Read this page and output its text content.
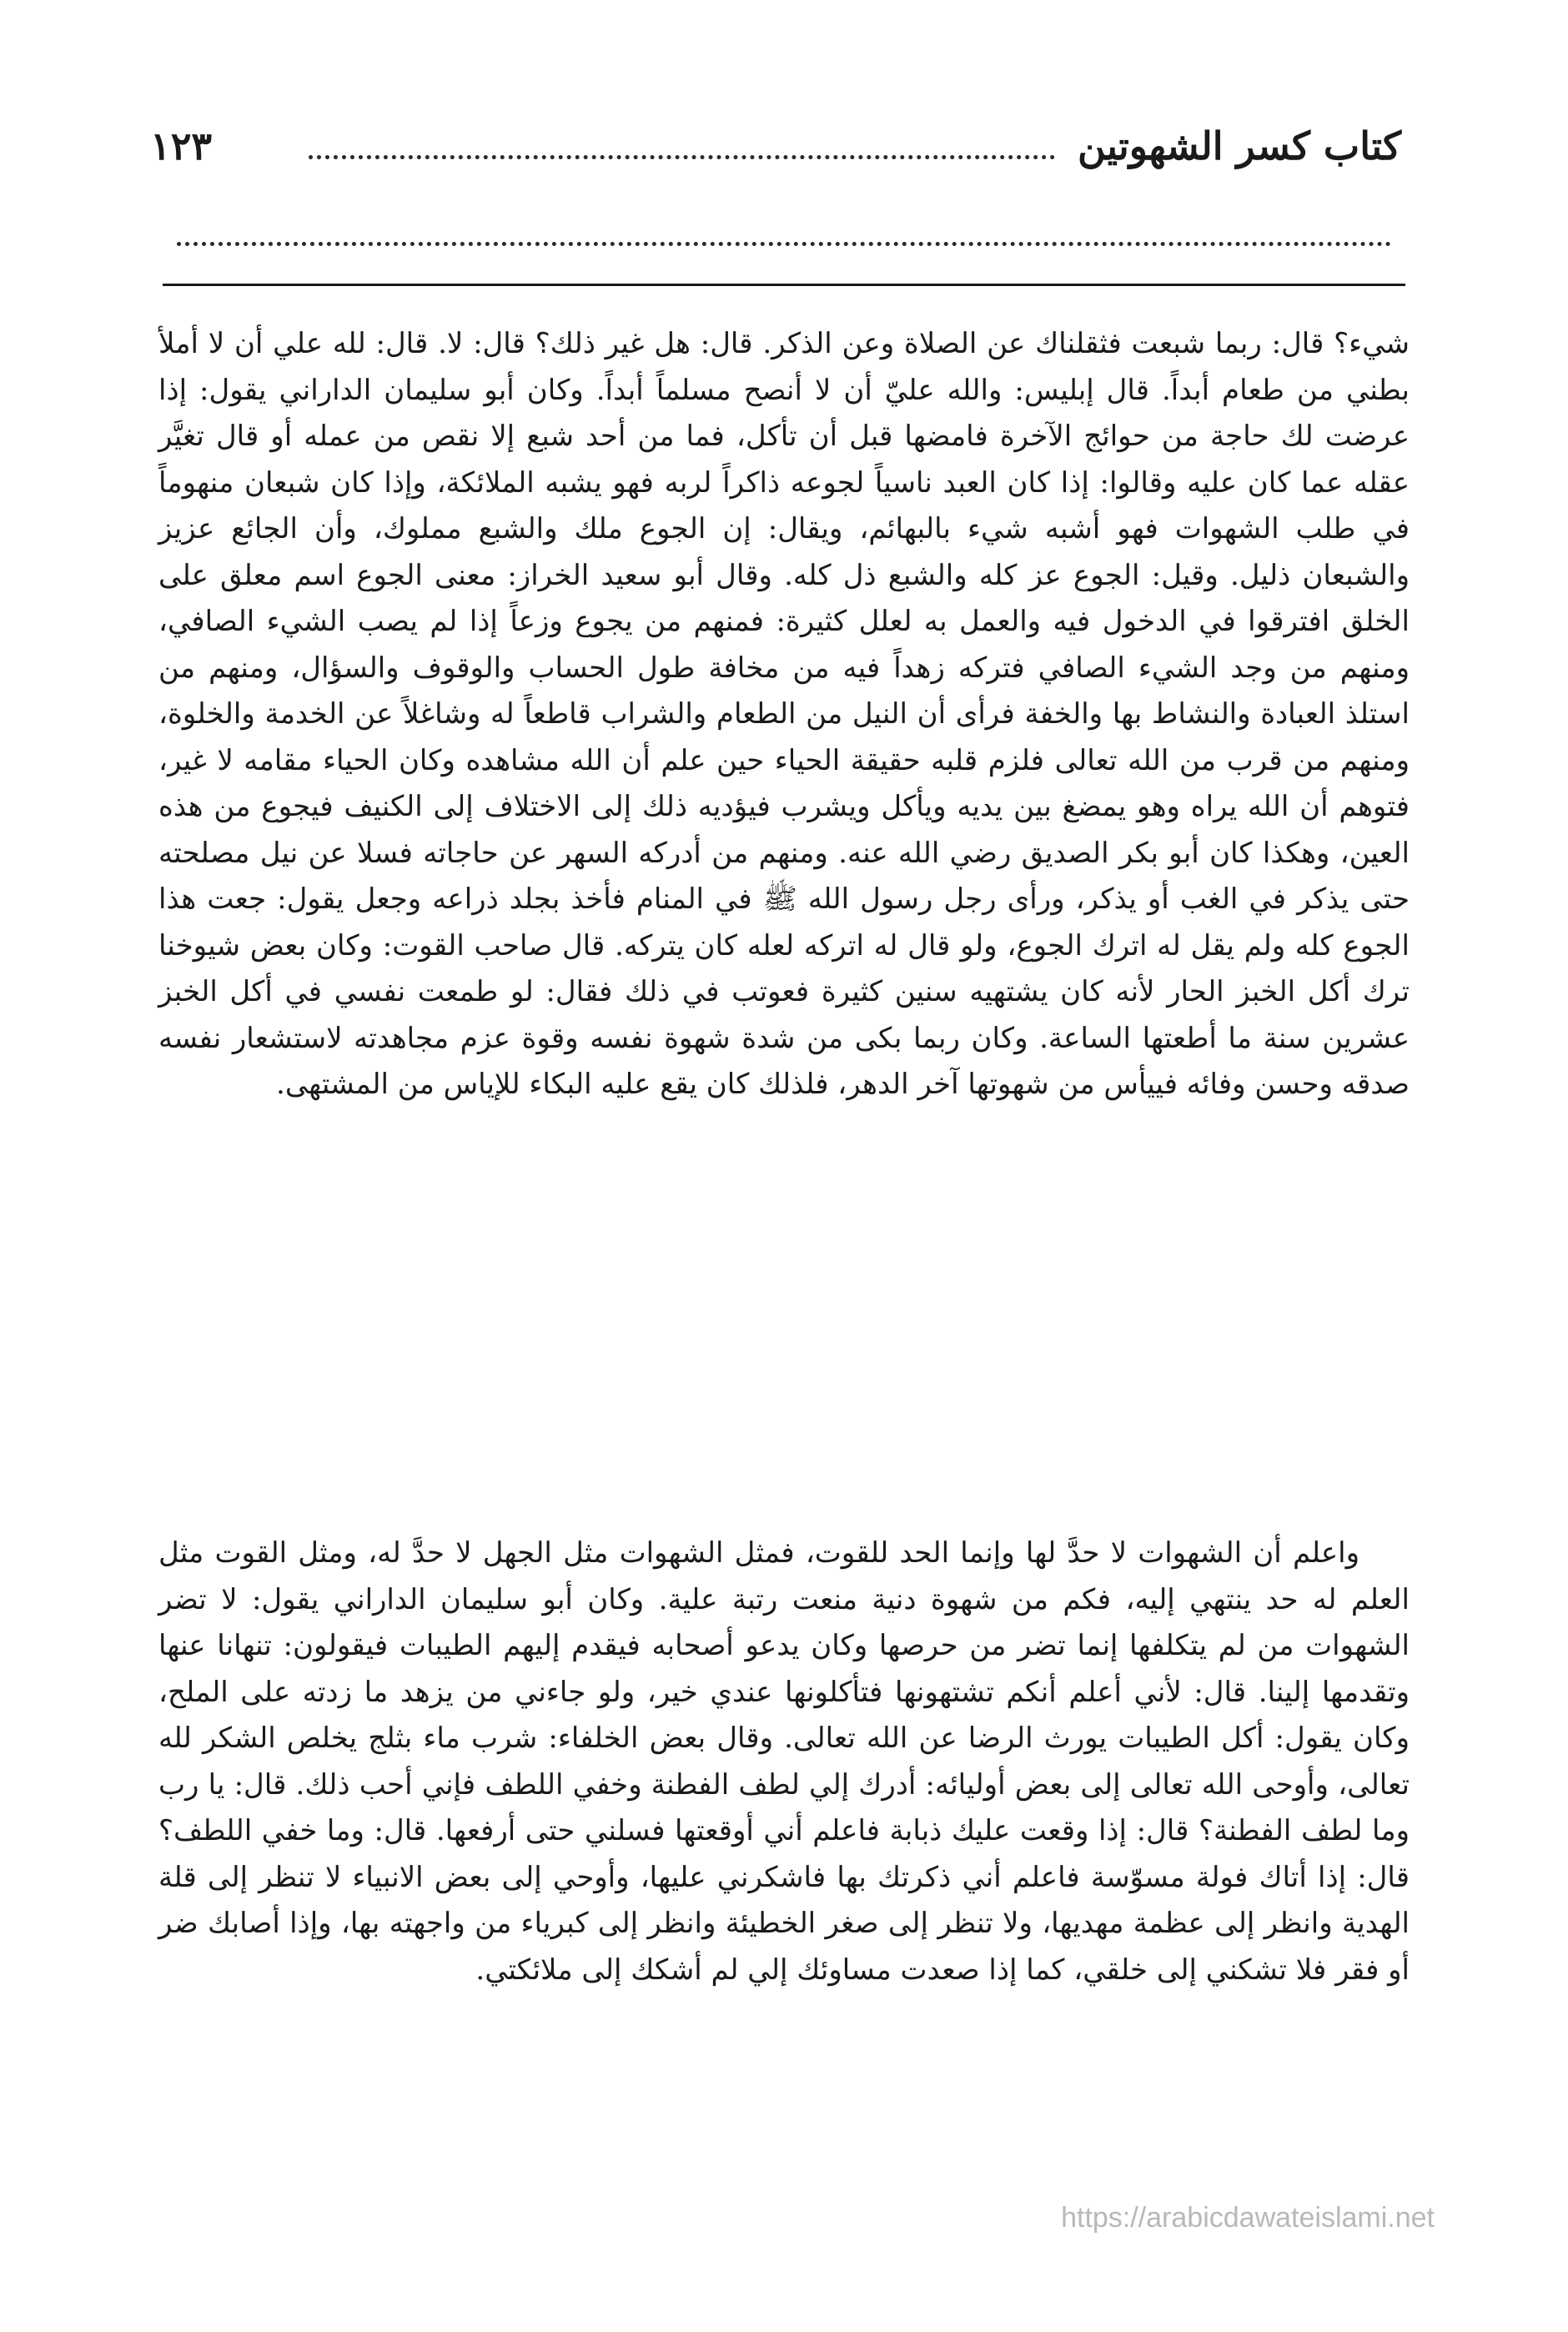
كتاب كسر الشهوتين
١٢٣

شيء؟ قال: ربما شبعت فثقلناك عن الصلاة وعن الذكر. قال: هل غير ذلك؟ قال: لا. قال: لله علي أن لا أملأ بطني من طعام أبداً. قال إبليس: والله عليّ أن لا أنصح مسلماً أبداً. وكان أبو سليمان الداراني يقول: إذا عرضت لك حاجة من حوائج الآخرة فامضها قبل أن تأكل، فما من أحد شبع إلا نقص من عمله أو قال تغيَّر عقله عما كان عليه وقالوا: إذا كان العبد ناسياً لجوعه ذاكراً لربه فهو يشبه الملائكة، وإذا كان شبعان منهوماً في طلب الشهوات فهو أشبه شيء بالبهائم، ويقال: إن الجوع ملك والشبع مملوك، وأن الجائع عزيز والشبعان ذليل. وقيل: الجوع عز كله والشبع ذل كله. وقال أبو سعيد الخراز: معنى الجوع اسم معلق على الخلق افترقوا في الدخول فيه والعمل به لعلل كثيرة: فمنهم من يجوع وزعاً إذا لم يصب الشيء الصافي، ومنهم من وجد الشيء الصافي فتركه زهداً فيه من مخافة طول الحساب والوقوف والسؤال، ومنهم من استلذ العبادة والنشاط بها والخفة فرأى أن النيل من الطعام والشراب قاطعاً له وشاغلاً عن الخدمة والخلوة، ومنهم من قرب من الله تعالى فلزم قلبه حقيقة الحياء حين علم أن الله مشاهده وكان الحياء مقامه لا غير، فتوهم أن الله يراه وهو يمضغ بين يديه ويأكل ويشرب فيؤديه ذلك إلى الاختلاف إلى الكنيف فيجوع من هذه العين، وهكذا كان أبو بكر الصديق رضي الله عنه. ومنهم من أدركه السهر عن حاجاته فسلا عن نيل مصلحته حتى يذكر في الغب أو يذكر، ورأى رجل رسول الله ﷺ في المنام فأخذ بجلد ذراعه وجعل يقول: جعت هذا الجوع كله ولم يقل له اترك الجوع، ولو قال له اتركه لعله كان يتركه. قال صاحب القوت: وكان بعض شيوخنا ترك أكل الخبز الحار لأنه كان يشتهيه سنين كثيرة فعوتب في ذلك فقال: لو طمعت نفسي في أكل الخبز عشرين سنة ما أطعتها الساعة. وكان ربما بكى من شدة شهوة نفسه وقوة عزم مجاهدته لاستشعار نفسه صدقه وحسن وفائه فييأس من شهوتها آخر الدهر، فلذلك كان يقع عليه البكاء للإياس من المشتهى.

واعلم أن الشهوات لا حدَّ لها وإنما الحد للقوت، فمثل الشهوات مثل الجهل لا حدَّ له، ومثل القوت مثل العلم له حد ينتهي إليه، فكم من شهوة دنية منعت رتبة علية. وكان أبو سليمان الداراني يقول: لا تضر الشهوات من لم يتكلفها إنما تضر من حرصها وكان يدعو أصحابه فيقدم إليهم الطيبات فيقولون: تنهانا عنها وتقدمها إلينا. قال: لأني أعلم أنكم تشتهونها فتأكلونها عندي خير، ولو جاءني من يزهد ما زدته على الملح، وكان يقول: أكل الطيبات يورث الرضا عن الله تعالى. وقال بعض الخلفاء: شرب ماء بثلج يخلص الشكر لله تعالى، وأوحى الله تعالى إلى بعض أوليائه: أدرك إلي لطف الفطنة وخفي اللطف فإني أحب ذلك. قال: يا رب وما لطف الفطنة؟ قال: إذا وقعت عليك ذبابة فاعلم أني أوقعتها فسلني حتى أرفعها. قال: وما خفي اللطف؟ قال: إذا أتاك فولة مسوّسة فاعلم أني ذكرتك بها فاشكرني عليها، وأوحي إلى بعض الانبياء لا تنظر إلى قلة الهدية وانظر إلى عظمة مهديها، ولا تنظر إلى صغر الخطيئة وانظر إلى كبرياء من واجهته بها، وإذا أصابك ضر أو فقر فلا تشكني إلى خلقي، كما إذا صعدت مساوئك إلي لم أشكك إلى ملائكتي.

https://arabicdawateislami.net
